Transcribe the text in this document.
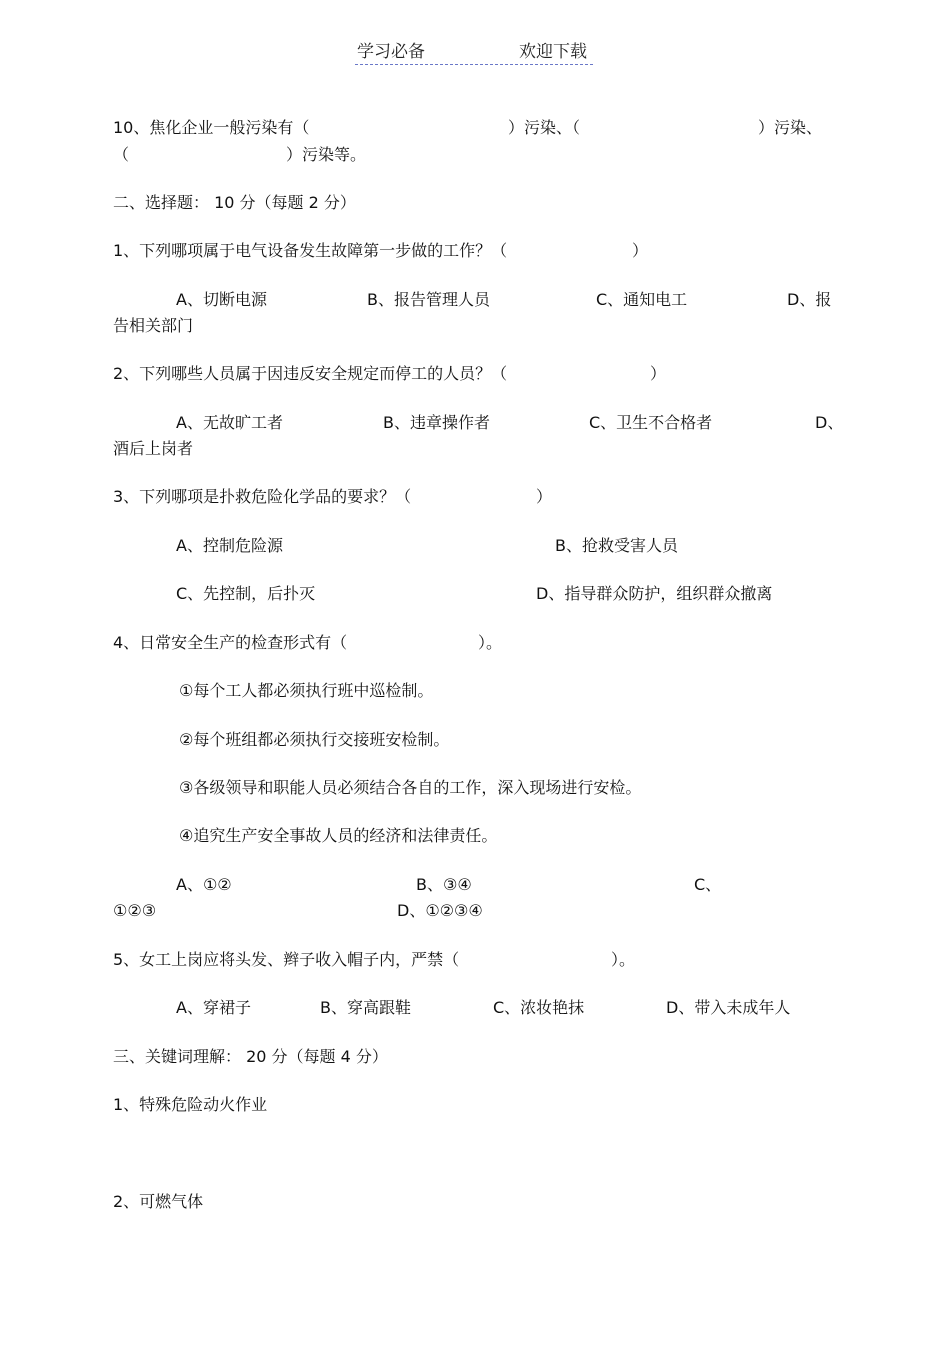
学习必备	欢迎下载
10、焦化企业一般污染有（	）污染、（	）污染、
（	）污染等。
二、选择题： 10 分（每题 2 分）
1、下列哪项属于电气设备发生故障第一步做的工作？（	）
A、切断电源	B、报告管理人员	C、通知电工	D、报
告相关部门
2、下列哪些人员属于因违反安全规定而停工的人员？（	）
A、无故旷工者	B、违章操作者	C、卫生不合格者	D、
酒后上岗者
3、下列哪项是扑救危险化学品的要求？（	）
A、控制危险源	B、抢救受害人员
C、先控制，后扑灭	D、指导群众防护，组织群众撤离
4、日常安全生产的检查形式有（	）。
①每个工人都必须执行班中巡检制。
②每个班组都必须执行交接班安检制。
③各级领导和职能人员必须结合各自的工作，深入现场进行安检。
④追究生产安全事故人员的经济和法律责任。
A、①②	B、③④	C、
①②③	D、①②③④
5、女工上岗应将头发、辫子收入帽子内，严禁（	）。
A、穿裙子	B、穿高跟鞋	C、浓妆艳抹	D、带入未成年人
三、关键词理解： 20 分（每题 4 分）
1、特殊危险动火作业
2、可燃气体
